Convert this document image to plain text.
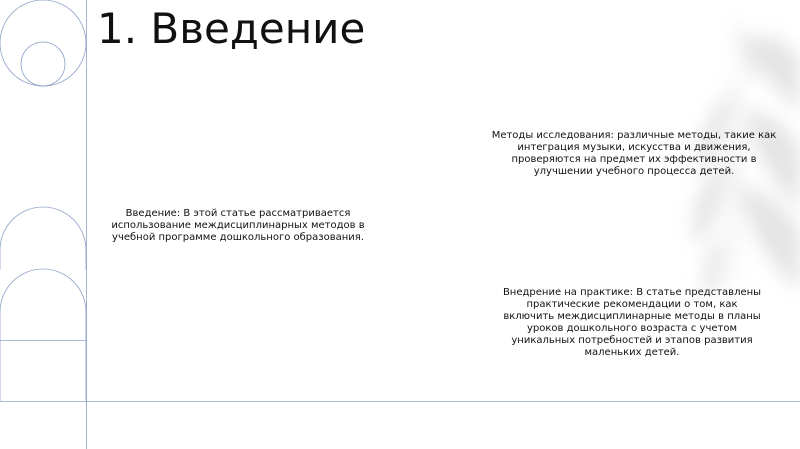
1. Введение
Введение: В этой статье рассматривается использование междисциплинарных методов в учебной программе дошкольного образования.
Методы исследования: различные методы, такие как интеграция музыки, искусства и движения, проверяются на предмет их эффективности в улучшении учебного процесса детей.
Внедрение на практике: В статье представлены практические рекомендации о том, как включить междисциплинарные методы в планы уроков дошкольного возраста с учетом уникальных потребностей и этапов развития маленьких детей.
